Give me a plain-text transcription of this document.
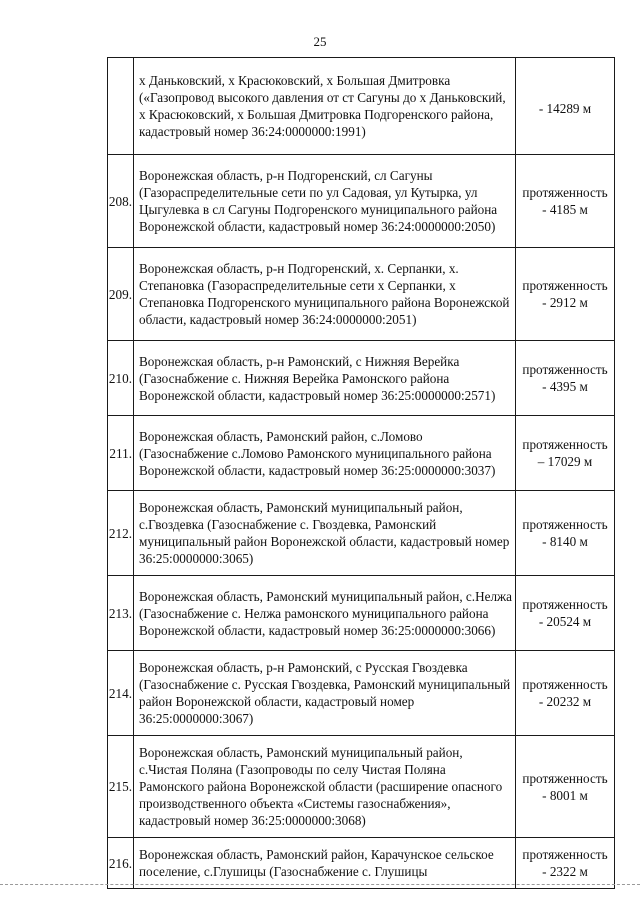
25
	х Даньковский, х Красюковский, х Большая Дмитровка («Газопровод высокого давления от ст Сагуны до х Даньковский, х Красюковский, х Большая Дмитровка Подгоренского района, кадастровый номер 36:24:0000000:1991)	- 14289 м

208.	Воронежская область, р-н Подгоренский, сл Сагуны (Газораспределительные сети по ул Садовая, ул Кутырка, ул Цыгулевка в сл Сагуны Подгоренского муниципального района Воронежской области, кадастровый номер 36:24:0000000:2050)	протяженность
- 4185 м

209.	Воронежская область, р-н Подгоренский, х. Серпанки, х. Степановка (Газораспределительные сети х Серпанки, х Степановка Подгоренского муниципального района Воронежской области, кадастровый номер 36:24:0000000:2051)	протяженность
- 2912 м

210.	Воронежская область, р-н Рамонский, с Нижняя Верейка (Газоснабжение с. Нижняя Верейка Рамонского района Воронежской области, кадастровый номер 36:25:0000000:2571)	протяженность
- 4395 м

211.	Воронежская область, Рамонский район, с.Ломово (Газоснабжение с.Ломово Рамонского муниципального района Воронежской области, кадастровый номер 36:25:0000000:3037)	протяженность
– 17029 м

212.	Воронежская область, Рамонский муниципальный район, с.Гвоздевка (Газоснабжение с. Гвоздевка, Рамонский муниципальный район Воронежской области, кадастровый номер 36:25:0000000:3065)	протяженность
- 8140 м

213.	Воронежская область, Рамонский муниципальный район, с.Нелжа (Газоснабжение с. Нелжа рамонского муниципального района Воронежской области, кадастровый номер 36:25:0000000:3066)	протяженность
- 20524 м

214.	Воронежская область, р-н Рамонский, с Русская Гвоздевка (Газоснабжение с. Русская Гвоздевка, Рамонский муниципальный район Воронежской области, кадастровый номер 36:25:0000000:3067)	протяженность
- 20232 м

215.	Воронежская область, Рамонский муниципальный район, с.Чистая Поляна (Газопроводы по селу Чистая Поляна Рамонского района Воронежской области (расширение опасного производственного объекта «Системы газоснабжения», кадастровый номер 36:25:0000000:3068)	протяженность
- 8001 м

216.	Воронежская область, Рамонский район, Карачунское сельское поселение, с.Глушицы (Газоснабжение с. Глушицы	протяженность
- 2322 м
